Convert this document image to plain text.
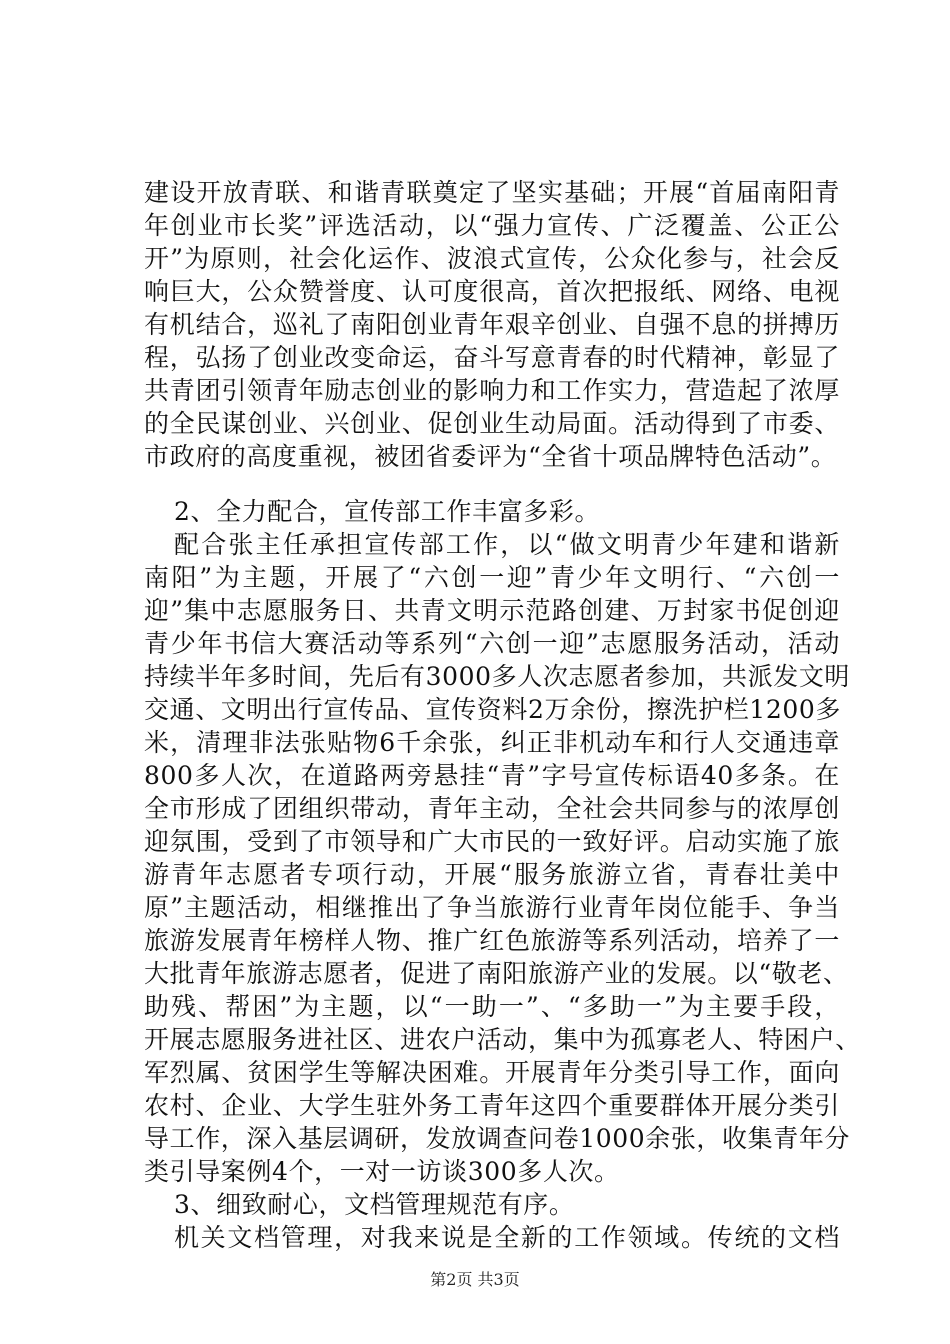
建设开放青联、和谐青联奠定了坚实基础；开展“首届南阳青
年创业市长奖”评选活动，以“强力宣传、广泛覆盖、公正公
开”为原则，社会化运作、波浪式宣传，公众化参与，社会反
响巨大，公众赞誉度、认可度很高，首次把报纸、网络、电视
有机结合，巡礼了南阳创业青年艰辛创业、自强不息的拼搏历
程，弘扬了创业改变命运，奋斗写意青春的时代精神，彰显了
共青团引领青年励志创业的影响力和工作实力，营造起了浓厚
的全民谋创业、兴创业、促创业生动局面。活动得到了市委、
市政府的高度重视，被团省委评为“全省十项品牌特色活动”。
2、全力配合，宣传部工作丰富多彩。
配合张主任承担宣传部工作，以“做文明青少年建和谐新
南阳”为主题，开展了“六创一迎”青少年文明行、“六创一
迎”集中志愿服务日、共青文明示范路创建、万封家书促创迎
青少年书信大赛活动等系列“六创一迎”志愿服务活动，活动
持续半年多时间，先后有3000多人次志愿者参加，共派发文明
交通、文明出行宣传品、宣传资料2万余份，擦洗护栏1200多
米，清理非法张贴物6千余张，纠正非机动车和行人交通违章
800多人次，在道路两旁悬挂“青”字号宣传标语40多条。在
全市形成了团组织带动，青年主动，全社会共同参与的浓厚创
迎氛围，受到了市领导和广大市民的一致好评。启动实施了旅
游青年志愿者专项行动，开展“服务旅游立省，青春壮美中
原”主题活动，相继推出了争当旅游行业青年岗位能手、争当
旅游发展青年榜样人物、推广红色旅游等系列活动，培养了一
大批青年旅游志愿者，促进了南阳旅游产业的发展。以“敬老、
助残、帮困”为主题，以“一助一”、“多助一”为主要手段，
开展志愿服务进社区、进农户活动，集中为孤寡老人、特困户、
军烈属、贫困学生等解决困难。开展青年分类引导工作，面向
农村、企业、大学生驻外务工青年这四个重要群体开展分类引
导工作，深入基层调研，发放调查问卷1000余张，收集青年分
类引导案例4个，一对一访谈300多人次。
3、细致耐心，文档管理规范有序。
机关文档管理，对我来说是全新的工作领域。传统的文档
第2页 共3页
